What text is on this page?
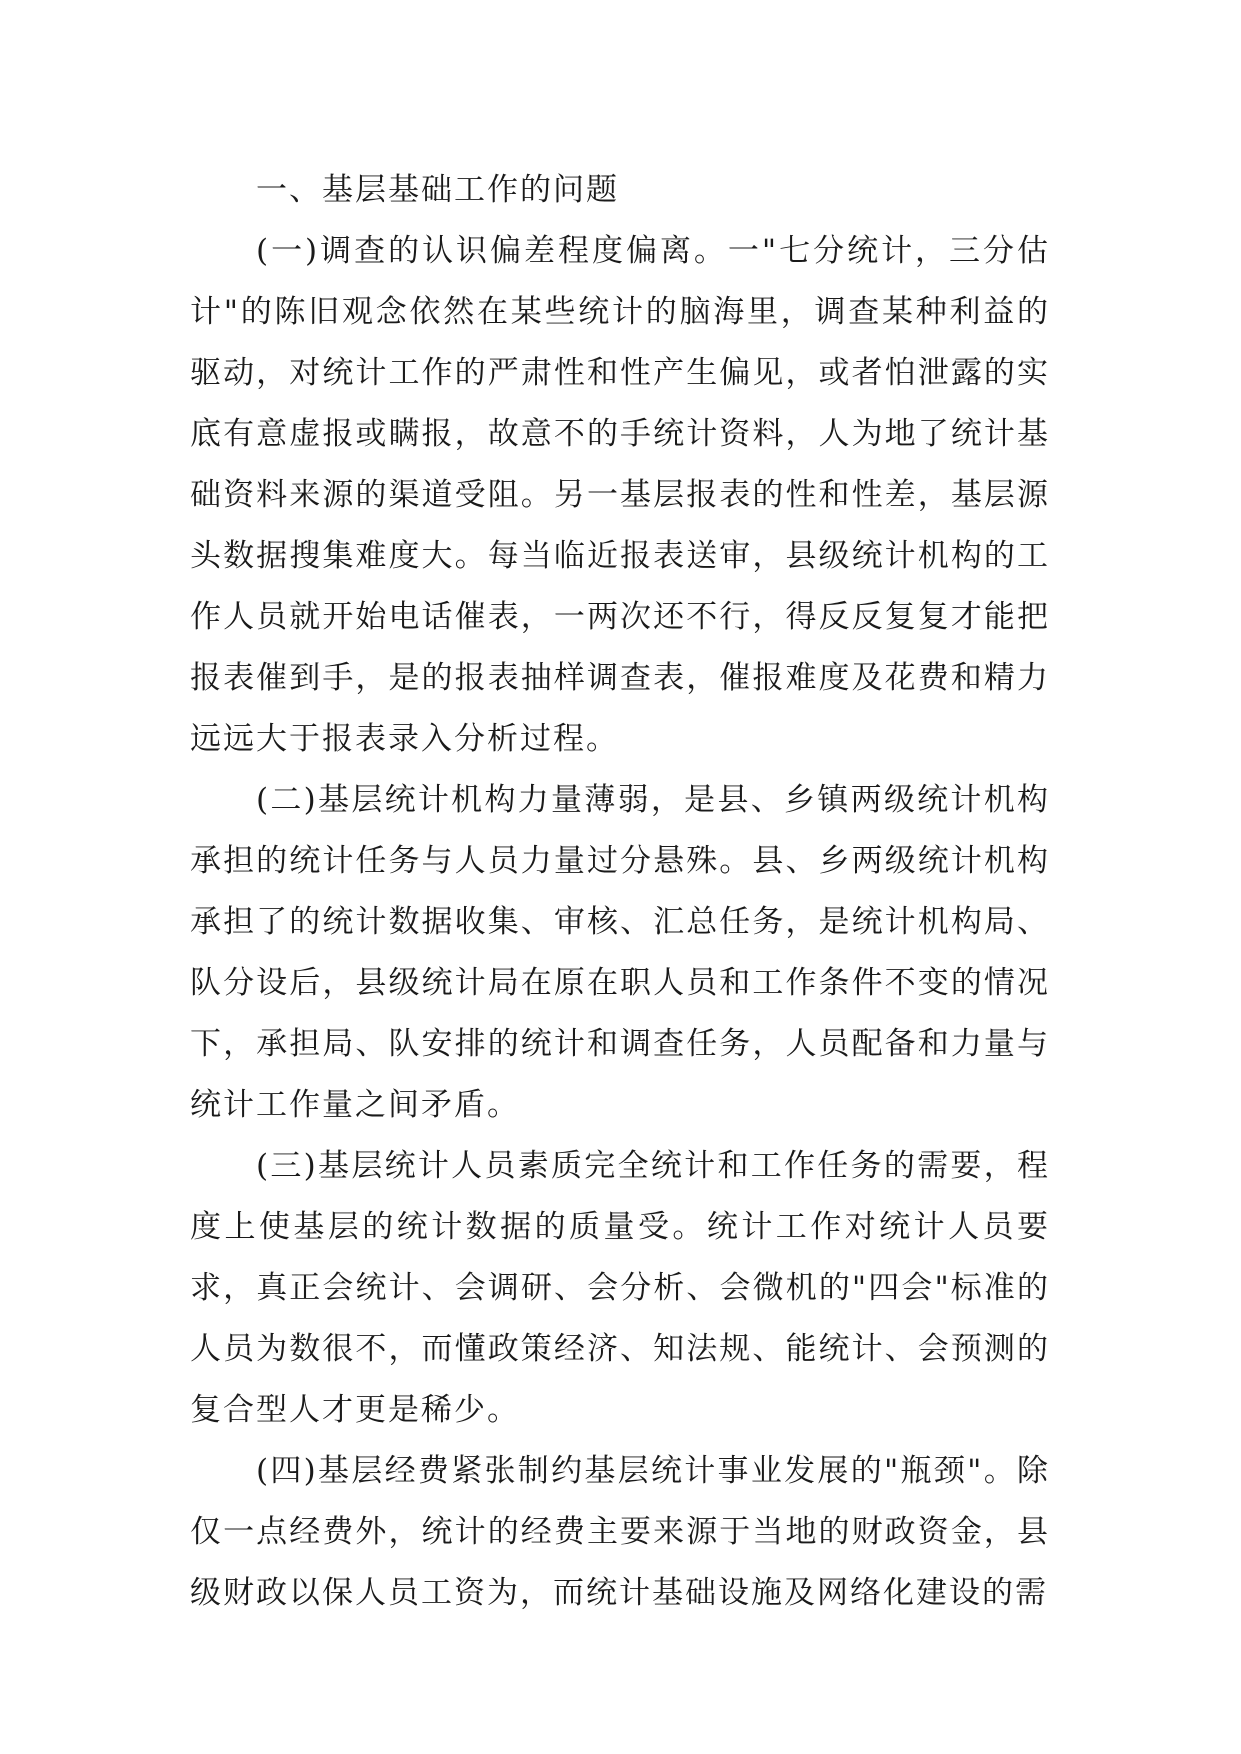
一、基层基础工作的问题

(一)调查的认识偏差程度偏离。一"七分统计，三分估计"的陈旧观念依然在某些统计的脑海里，调查某种利益的驱动，对统计工作的严肃性和性产生偏见，或者怕泄露的实底有意虚报或瞒报，故意不的手统计资料，人为地了统计基础资料来源的渠道受阻。另一基层报表的性和性差，基层源头数据搜集难度大。每当临近报表送审，县级统计机构的工作人员就开始电话催表，一两次还不行，得反反复复才能把报表催到手，是的报表抽样调查表，催报难度及花费和精力远远大于报表录入分析过程。

(二)基层统计机构力量薄弱，是县、乡镇两级统计机构承担的统计任务与人员力量过分悬殊。县、乡两级统计机构承担了的统计数据收集、审核、汇总任务，是统计机构局、队分设后，县级统计局在原在职人员和工作条件不变的情况下，承担局、队安排的统计和调查任务，人员配备和力量与统计工作量之间矛盾。

(三)基层统计人员素质完全统计和工作任务的需要，程度上使基层的统计数据的质量受。统计工作对统计人员要求，真正会统计、会调研、会分析、会微机的"四会"标准的人员为数很不，而懂政策经济、知法规、能统计、会预测的复合型人才更是稀少。

(四)基层经费紧张制约基层统计事业发展的"瓶颈"。除仅一点经费外，统计的经费主要来源于当地的财政资金，县级财政以保人员工资为，而统计基础设施及网络化建设的需
